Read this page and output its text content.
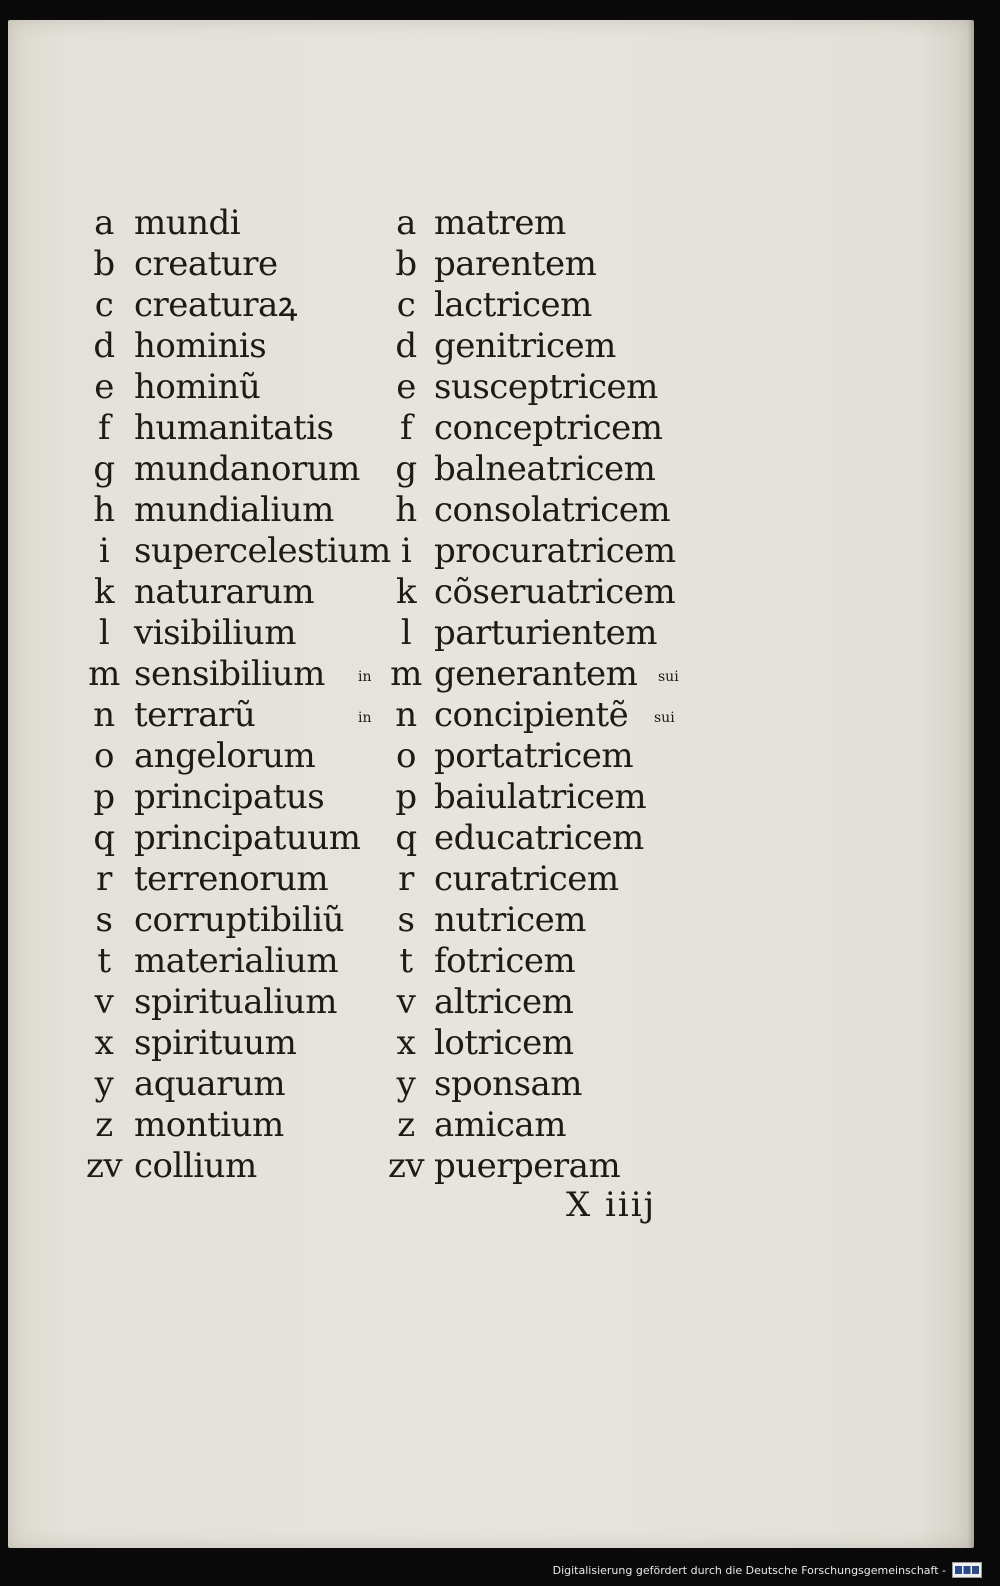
a
b
c
d
e
f
g
h
i
k
l
m
n
o
p
q
r
s
t
v
x
y
z
zv
mundi
creature
creaturaꝝ
hominis
hominũ
humanitatis
mundanorum
mundialium
supercelestium
naturarum
visibilium
sensibilium
terrarũ
angelorum
principatus
principatuum
terrenorum
corruptibiliũ
materialium
spiritualium
spirituum
aquarum
montium
collium
a
b
c
d
e
f
g
h
i
k
l
m
n
o
p
q
r
s
t
v
x
y
z
zv
matrem
parentem
lactricem
genitricem
susceptricem
conceptricem
balneatricem
consolatricem
procuratricem
cõseruatricem
parturientem
generantem
concipientẽ
portatricem
baiulatricem
educatricem
curatricem
nutricem
fotricem
altricem
lotricem
sponsam
amicam
puerperam
in
in
sui
sui
X iiij
Digitalisierung gefördert durch die Deutsche Forschungsgemeinschaft -
